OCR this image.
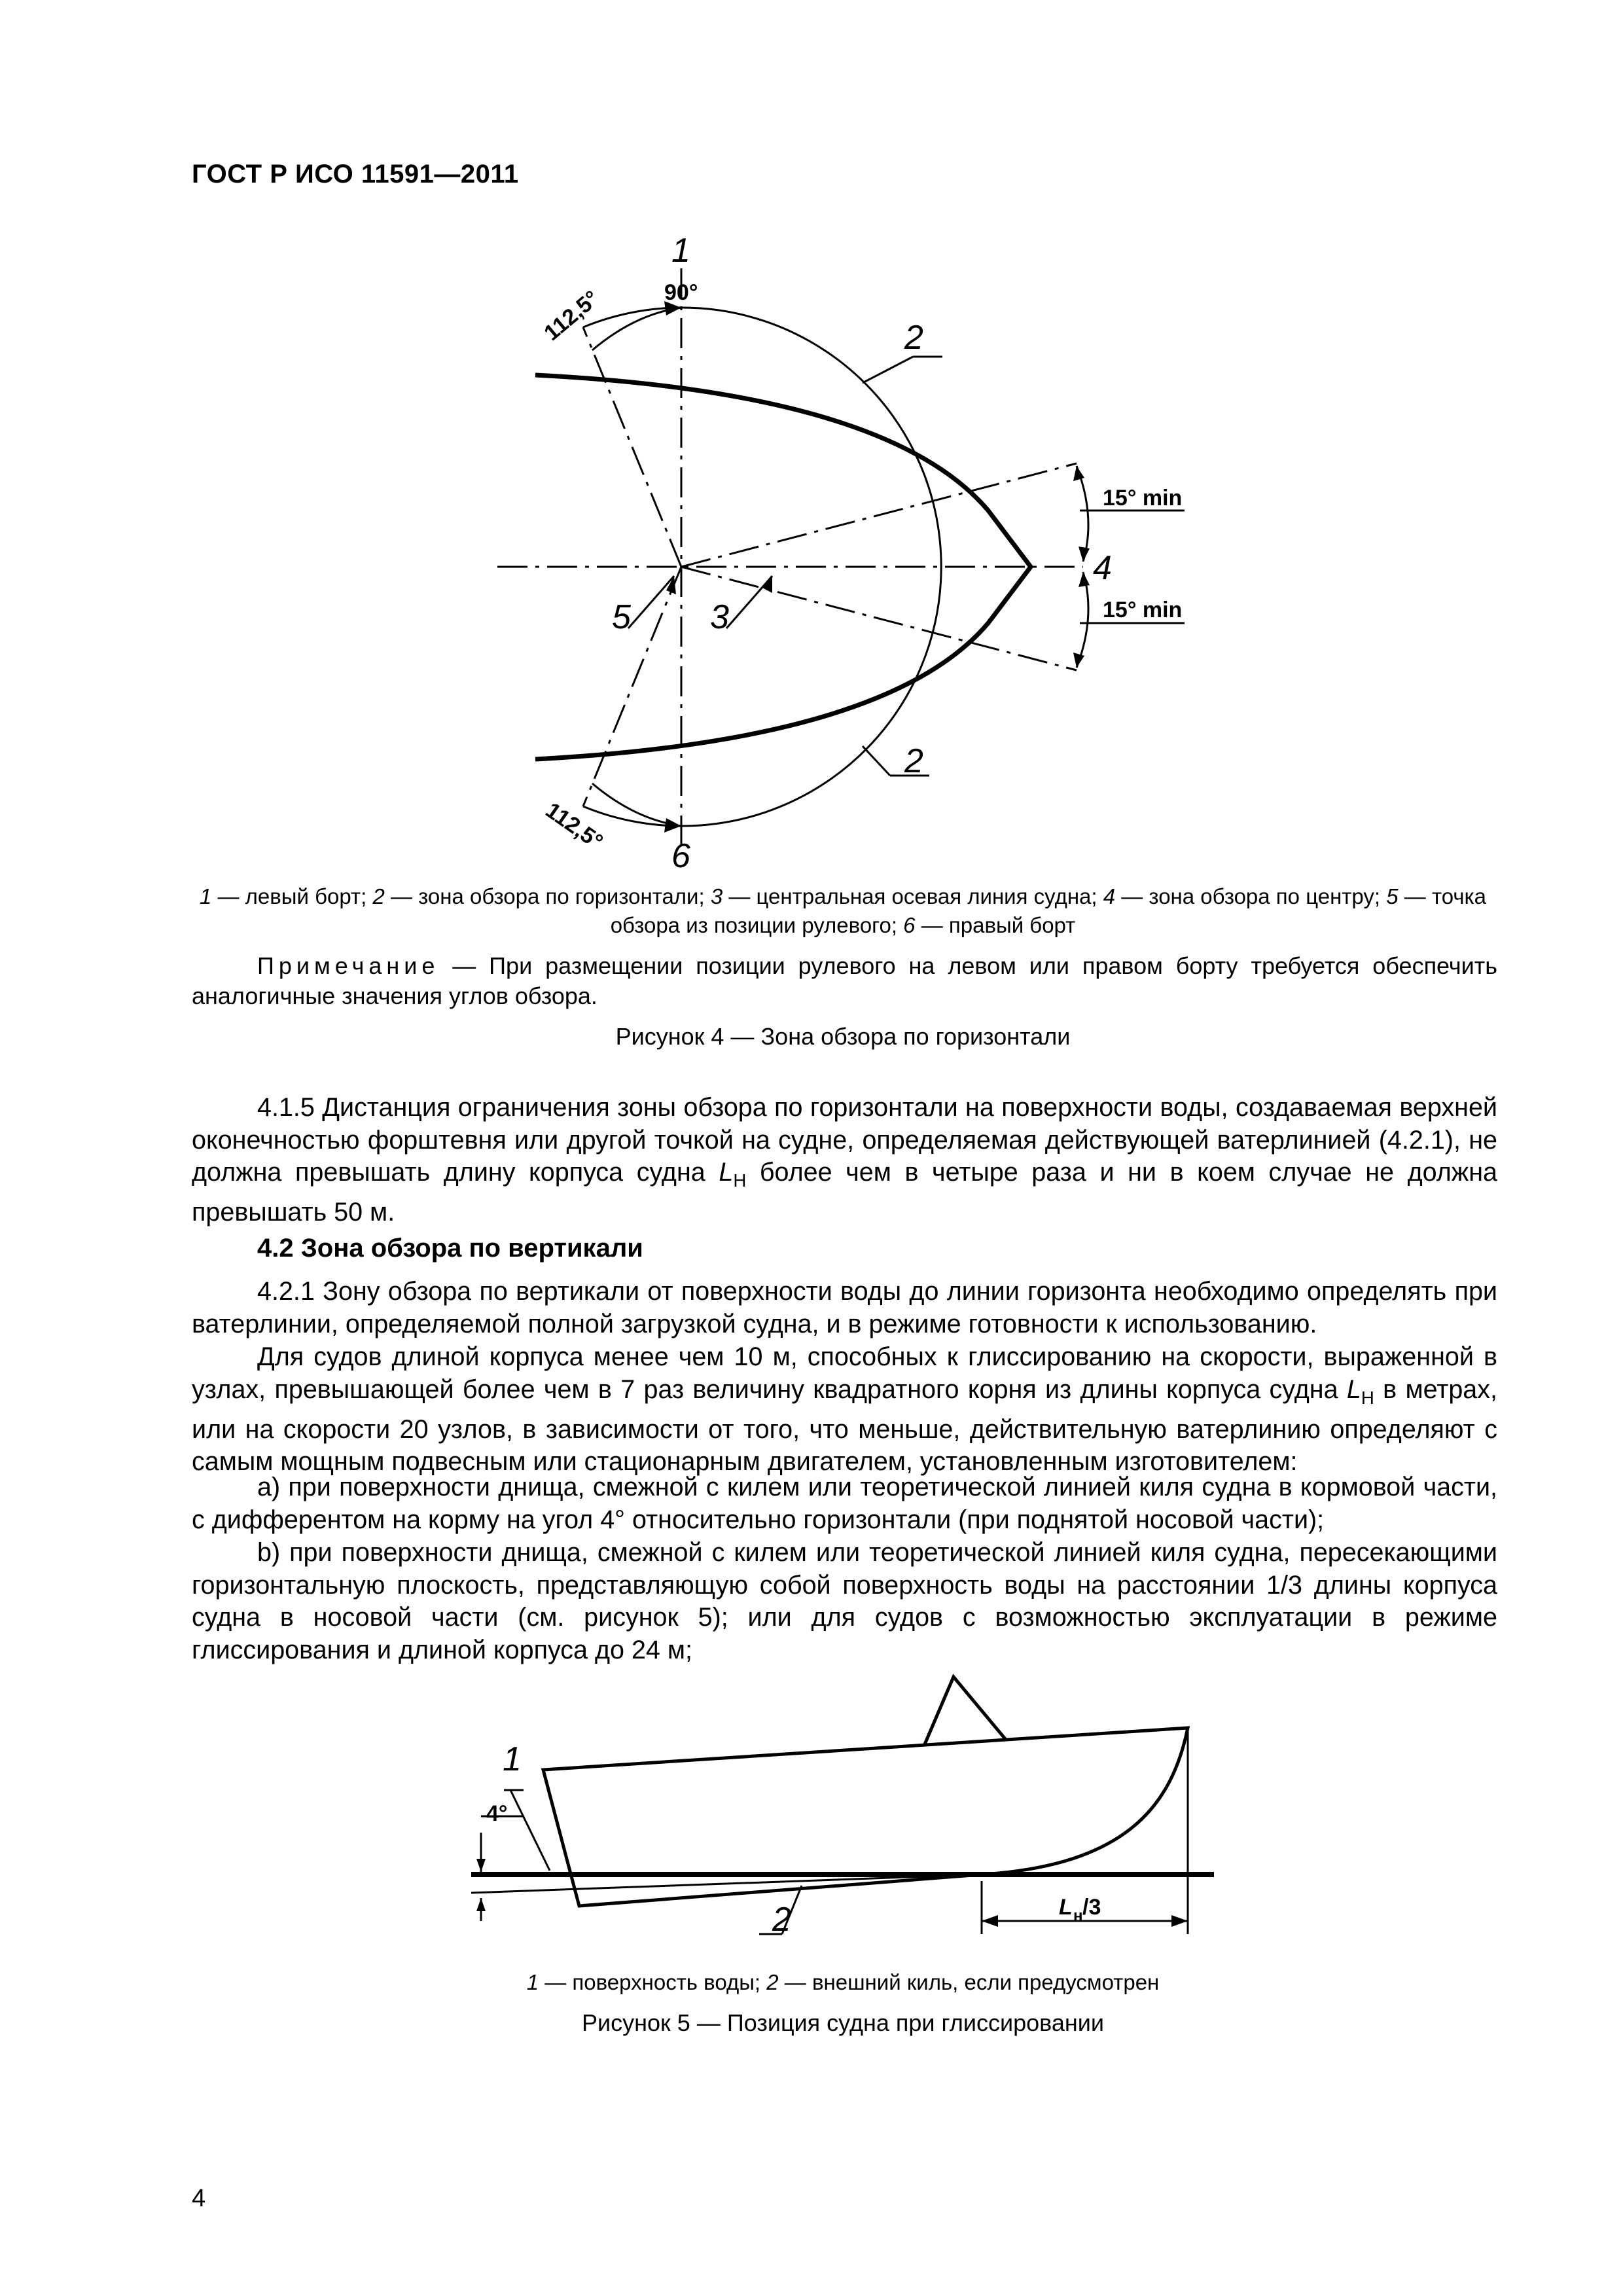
ГОСТ Р ИСО 11591—2011
1
90°
112,5°	2
15° min
4
15° min
5 3
2
112,5°
6
1
4°
2	L н /3
1 — левый борт; 2 — зона обзора по горизонтали; 3 — центральная осевая линия судна; 4 — зона обзора по центру; 5 — точка обзора из позиции рулевого; 6 — правый борт
Примечание — При размещении позиции рулевого на левом или правом борту требуется обеспечить аналогичные значения углов обзора.
Рисунок 4 — Зона обзора по горизонтали
4.1.5 Дистанция ограничения зоны обзора по горизонтали на поверхности воды, создаваемая верхней оконечностью форштевня или другой точкой на судне, определяемая действующей ватерлинией (4.2.1), не должна превышать длину корпуса судна $L_Н$ более чем в четыре раза и ни в коем случае не должна превышать 50 м.
4.2 Зона обзора по вертикали
4.2.1 Зону обзора по вертикали от поверхности воды до линии горизонта необходимо определять при ватерлинии, определяемой полной загрузкой судна, и в режиме готовности к использованию.
Для судов длиной корпуса менее чем 10 м, способных к глиссированию на скорости, выраженной в узлах, превышающей более чем в 7 раз величину квадратного корня из длины корпуса судна $L_Н$ в метрах, или на скорости 20 узлов, в зависимости от того, что меньше, действительную ватерлинию определяют с самым мощным подвесным или стационарным двигателем, установленным изготовителем:
a) при поверхности днища, смежной с килем или теоретической линией киля судна в кормовой части, с дифферентом на корму на угол 4° относительно горизонтали (при поднятой носовой части);
b) при поверхности днища, смежной с килем или теоретической линией киля судна, пересекающими горизонтальную плоскость, представляющую собой поверхность воды на расстоянии 1/3 длины корпуса судна в носовой части (см. рисунок 5); или для судов с возможностью эксплуатации в режиме глиссирования и длиной корпуса до 24 м;
1 — поверхность воды; 2 — внешний киль, если предусмотрен
Рисунок 5 — Позиция судна при глиссировании
4
